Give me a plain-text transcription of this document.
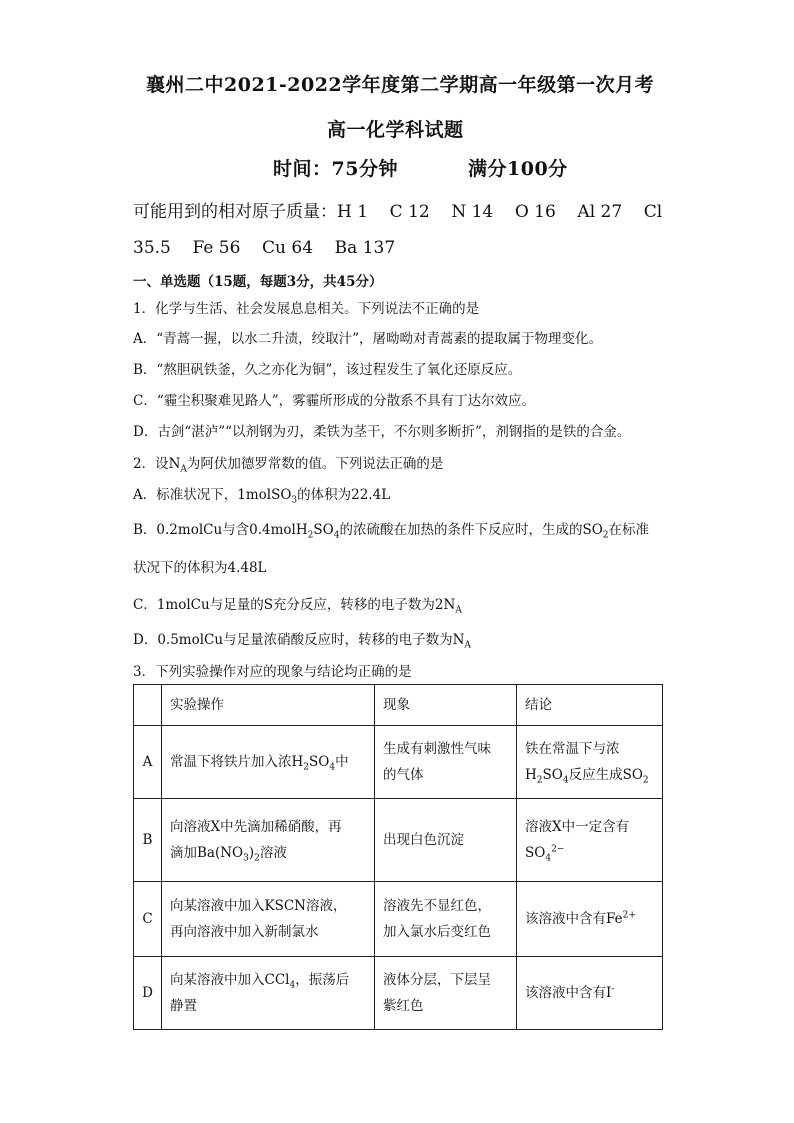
襄州二中2021-2022学年度第二学期高一年级第一次月考
高一化学科试题
时间：75分钟	满分100分
可能用到的相对原子质量：H 1    C 12    N 14    O 16    Al 27    Cl
35.5    Fe 56    Cu 64    Ba 137
一、单选题（15题，每题3分，共45分）
1．化学与生活、社会发展息息相关。下列说法不正确的是
A．“青蒿一握，以水二升渍，绞取汁”，屠呦呦对青蒿素的提取属于物理变化。
B．“熬胆矾铁釜，久之亦化为铜”，该过程发生了氧化还原反应。
C．“霾尘积聚难见路人”，雾霾所形成的分散系不具有丁达尔效应。
D．古剑“湛泸”“以剂钢为刃，柔铁为茎干，不尔则多断折”，剂钢指的是铁的合金。
2．设$N_A$为阿伏加德罗常数的值。下列说法正确的是
A．标准状况下，1molSO$_3$的体积为22.4L
B．0.2molCu与含$0.4molH_2SO_4$的浓硫酸在加热的条件下反应时，生成的$SO_2$在标准
状况下的体积为4.48L
C．1molCu与足量的S充分反应，转移的电子数为$2N_A$
D．0.5molCu与足量浓硝酸反应时，转移的电子数为$N_A$
3．下列实验操作对应的现象与结论均正确的是
	实验操作	现象	结论
A	常温下将铁片加入浓$H_2SO_4$中	生成有刺激性气味
的气体	铁在常温下与浓
$H_2SO_4$反应生成$SO_2$
B	向溶液X中先滴加稀硝酸，再
滴加$Ba(NO_3)_2$溶液	出现白色沉淀	溶液X中一定含有
$SO_4^{2-}$
C	向某溶液中加入KSCN溶液，
再向溶液中加入新制氯水	溶液先不显红色，
加入氯水后变红色	该溶液中含有$Fe^{2+}$
D	向某溶液中加入CCl$_4$，振荡后
静置	液体分层，下层呈
紫红色	该溶液中含有I-
